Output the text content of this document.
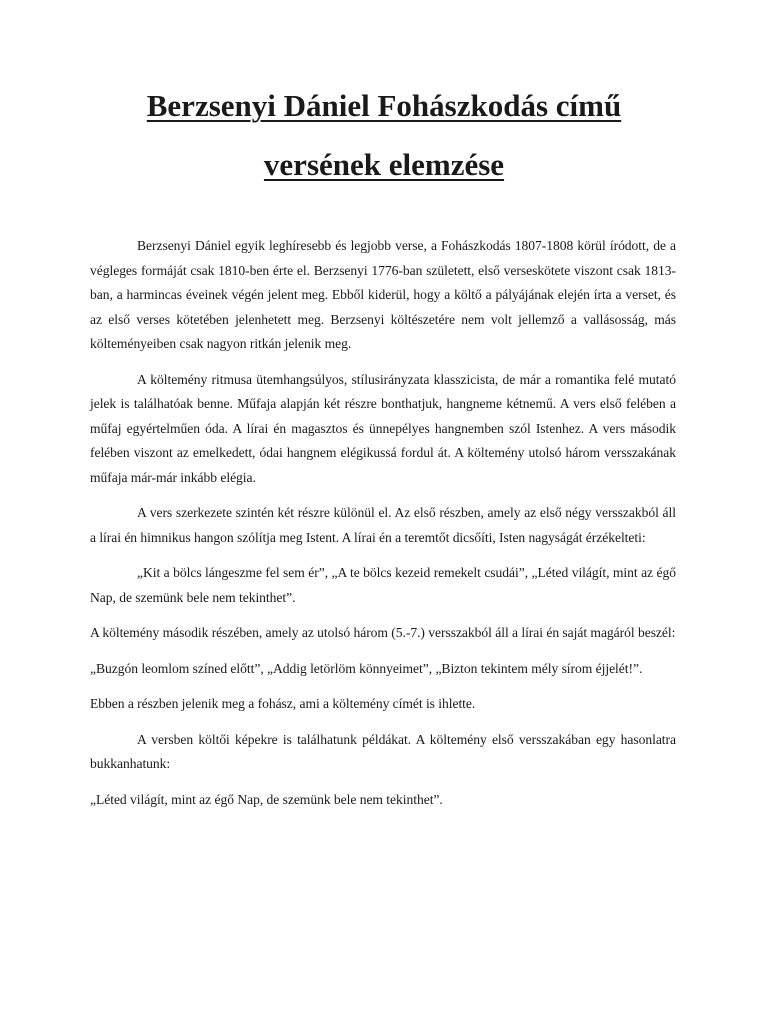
Berzsenyi Dániel Fohászkodás című
versének elemzése

Berzsenyi Dániel egyik leghíresebb és legjobb verse, a Fohászkodás 1807-1808 körül íródott, de a végleges formáját csak 1810-ben érte el. Berzsenyi 1776-ban született, első verseskötete viszont csak 1813-ban, a harmincas éveinek végén jelent meg. Ebből kiderül, hogy a költő a pályájának elején írta a verset, és az első verses kötetében jelenhetett meg. Berzsenyi költészetére nem volt jellemző a vallásosság, más költeményeiben csak nagyon ritkán jelenik meg.

A költemény ritmusa ütemhangsúlyos, stílusirányzata klasszicista, de már a romantika felé mutató jelek is találhatóak benne. Műfaja alapján két részre bonthatjuk, hangneme kétnemű. A vers első felében a műfaj egyértelműen óda. A lírai én magasztos és ünnepélyes hangnemben szól Istenhez. A vers második felében viszont az emelkedett, ódai hangnem elégikussá fordul át. A költemény utolsó három versszakának műfaja már-már inkább elégia.

A vers szerkezete szintén két részre különül el. Az első részben, amely az első négy versszakból áll a lírai én himnikus hangon szólítja meg Istent. A lírai én a teremtőt dicsőíti, Isten nagyságát érzékelteti:

„Kit a bölcs lángeszme fel sem ér”, „A te bölcs kezeid remekelt csudái”, „Léted világít, mint az égő Nap, de szemünk bele nem tekinthet”.

A költemény második részében, amely az utolsó három (5.-7.) versszakból áll a lírai én saját magáról beszél:

„Buzgón leomlom színed előtt”, „Addig letörlöm könnyeimet”, „Bizton tekintem mély sírom éjjelét!”.

Ebben a részben jelenik meg a fohász, ami a költemény címét is ihlette.

A versben költői képekre is találhatunk példákat. A költemény első versszakában egy hasonlatra bukkanhatunk:

„Léted világít, mint az égő Nap, de szemünk bele nem tekinthet”.
